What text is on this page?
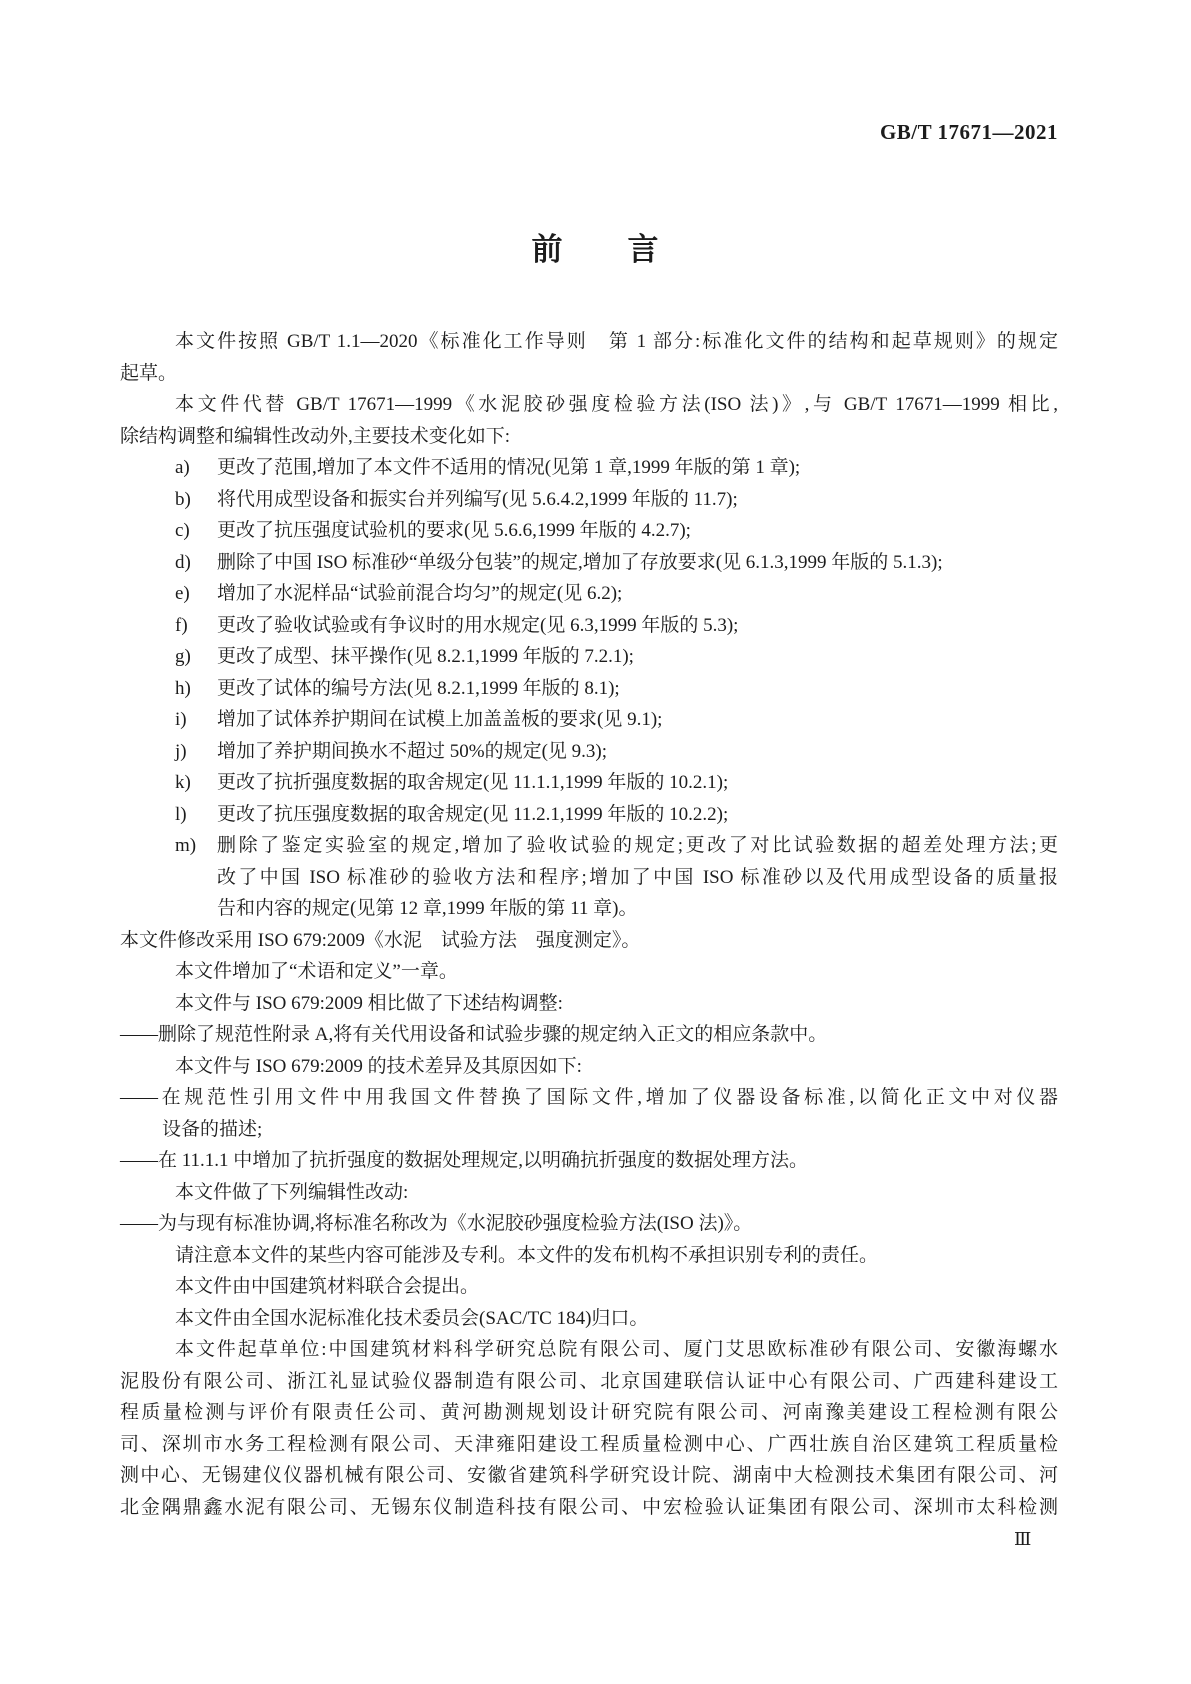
GB/T 17671—2021
前　　言
本文件按照 GB/T 1.1—2020《标准化工作导则　第 1 部分:标准化文件的结构和起草规则》的规定
起草。
本文件代替 GB/T 17671—1999《水泥胶砂强度检验方法(ISO 法)》,与 GB/T 17671—1999 相比,
除结构调整和编辑性改动外,主要技术变化如下:
a)	更改了范围,增加了本文件不适用的情况(见第 1 章,1999 年版的第 1 章);
b)	将代用成型设备和振实台并列编写(见 5.6.4.2,1999 年版的 11.7);
c)	更改了抗压强度试验机的要求(见 5.6.6,1999 年版的 4.2.7);
d)	删除了中国 ISO 标准砂“单级分包装”的规定,增加了存放要求(见 6.1.3,1999 年版的 5.1.3);
e)	增加了水泥样品“试验前混合均匀”的规定(见 6.2);
f)	更改了验收试验或有争议时的用水规定(见 6.3,1999 年版的 5.3);
g)	更改了成型、抹平操作(见 8.2.1,1999 年版的 7.2.1);
h)	更改了试体的编号方法(见 8.2.1,1999 年版的 8.1);
i)	增加了试体养护期间在试模上加盖盖板的要求(见 9.1);
j)	增加了养护期间换水不超过 50%的规定(见 9.3);
k)	更改了抗折强度数据的取舍规定(见 11.1.1,1999 年版的 10.2.1);
l)	更改了抗压强度数据的取舍规定(见 11.2.1,1999 年版的 10.2.2);
m)	删除了鉴定实验室的规定,增加了验收试验的规定;更改了对比试验数据的超差处理方法;更
改了中国 ISO 标准砂的验收方法和程序;增加了中国 ISO 标准砂以及代用成型设备的质量报
告和内容的规定(见第 12 章,1999 年版的第 11 章)。
本文件修改采用 ISO 679:2009《水泥　试验方法　强度测定》。
本文件增加了“术语和定义”一章。
本文件与 ISO 679:2009 相比做了下述结构调整:
——删除了规范性附录 A,将有关代用设备和试验步骤的规定纳入正文的相应条款中。
本文件与 ISO 679:2009 的技术差异及其原因如下:
——在规范性引用文件中用我国文件替换了国际文件,增加了仪器设备标准,以简化正文中对仪器
设备的描述;
——在 11.1.1 中增加了抗折强度的数据处理规定,以明确抗折强度的数据处理方法。
本文件做了下列编辑性改动:
——为与现有标准协调,将标准名称改为《水泥胶砂强度检验方法(ISO 法)》。
请注意本文件的某些内容可能涉及专利。本文件的发布机构不承担识别专利的责任。
本文件由中国建筑材料联合会提出。
本文件由全国水泥标准化技术委员会(SAC/TC 184)归口。
本文件起草单位:中国建筑材料科学研究总院有限公司、厦门艾思欧标准砂有限公司、安徽海螺水
泥股份有限公司、浙江礼显试验仪器制造有限公司、北京国建联信认证中心有限公司、广西建科建设工
程质量检测与评价有限责任公司、黄河勘测规划设计研究院有限公司、河南豫美建设工程检测有限公
司、深圳市水务工程检测有限公司、天津雍阳建设工程质量检测中心、广西壮族自治区建筑工程质量检
测中心、无锡建仪仪器机械有限公司、安徽省建筑科学研究设计院、湖南中大检测技术集团有限公司、河
北金隅鼎鑫水泥有限公司、无锡东仪制造科技有限公司、中宏检验认证集团有限公司、深圳市太科检测
Ⅲ
